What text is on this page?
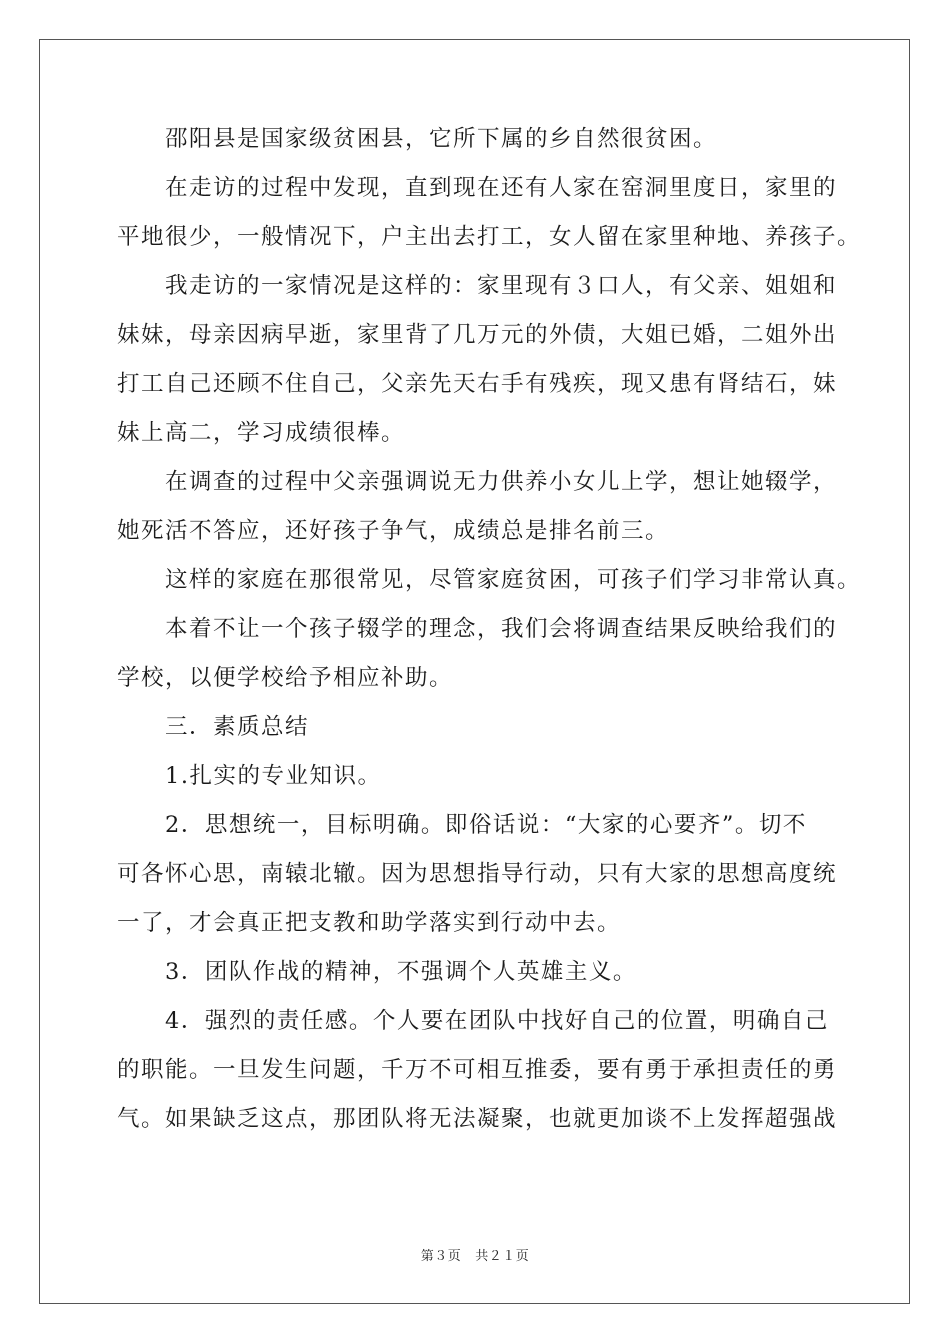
　　邵阳县是国家级贫困县，它所下属的乡自然很贫困。
　　在走访的过程中发现，直到现在还有人家在窑洞里度日，家里的
平地很少，一般情况下，户主出去打工，女人留在家里种地、养孩子。
　　我走访的一家情况是这样的：家里现有３口人，有父亲、姐姐和
妹妹，母亲因病早逝，家里背了几万元的外债，大姐已婚，二姐外出
打工自己还顾不住自己，父亲先天右手有残疾，现又患有肾结石，妹
妹上高二，学习成绩很棒。
　　在调查的过程中父亲强调说无力供养小女儿上学，想让她辍学，
她死活不答应，还好孩子争气，成绩总是排名前三。
　　这样的家庭在那很常见，尽管家庭贫困，可孩子们学习非常认真。
　　本着不让一个孩子辍学的理念，我们会将调查结果反映给我们的
学校，以便学校给予相应补助。
　　三．素质总结
　　1.扎实的专业知识。
　　2．思想统一，目标明确。即俗话说：“大家的心要齐”。切不
可各怀心思，南辕北辙。因为思想指导行动，只有大家的思想高度统
一了，才会真正把支教和助学落实到行动中去。
　　3．团队作战的精神，不强调个人英雄主义。
　　4．强烈的责任感。个人要在团队中找好自己的位置，明确自己
的职能。一旦发生问题，千万不可相互推委，要有勇于承担责任的勇
气。如果缺乏这点，那团队将无法凝聚，也就更加谈不上发挥超强战
第３页 共２１页
